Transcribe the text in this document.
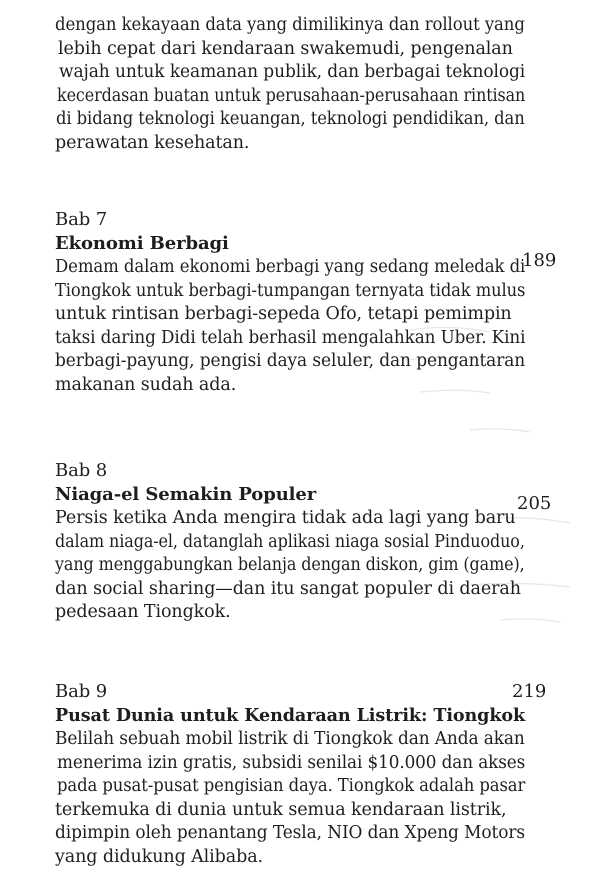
dengan kekayaan data yang dimilikinya dan rollout yang
lebih cepat dari kendaraan swakemudi, pengenalan
wajah untuk keamanan publik, dan berbagai teknologi
kecerdasan buatan untuk perusahaan-perusahaan rintisan
di bidang teknologi keuangan, teknologi pendidikan, dan
perawatan kesehatan.
Bab 7
Ekonomi Berbagi
Demam dalam ekonomi berbagi yang sedang meledak di
Tiongkok untuk berbagi-tumpangan ternyata tidak mulus
untuk rintisan berbagi-sepeda Ofo, tetapi pemimpin
taksi daring Didi telah berhasil mengalahkan Uber. Kini
berbagi-payung, pengisi daya seluler, dan pengantaran
makanan sudah ada.
189
Bab 8
Niaga-el Semakin Populer
Persis ketika Anda mengira tidak ada lagi yang baru
dalam niaga-el, datanglah aplikasi niaga sosial Pinduoduo,
yang menggabungkan belanja dengan diskon, gim (game),
dan social sharing—dan itu sangat populer di daerah
pedesaan Tiongkok.
205
Bab 9
Pusat Dunia untuk Kendaraan Listrik: Tiongkok
Belilah sebuah mobil listrik di Tiongkok dan Anda akan
menerima izin gratis, subsidi senilai $10.000 dan akses
pada pusat-pusat pengisian daya. Tiongkok adalah pasar
terkemuka di dunia untuk semua kendaraan listrik,
dipimpin oleh penantang Tesla, NIO dan Xpeng Motors
yang didukung Alibaba.
219
